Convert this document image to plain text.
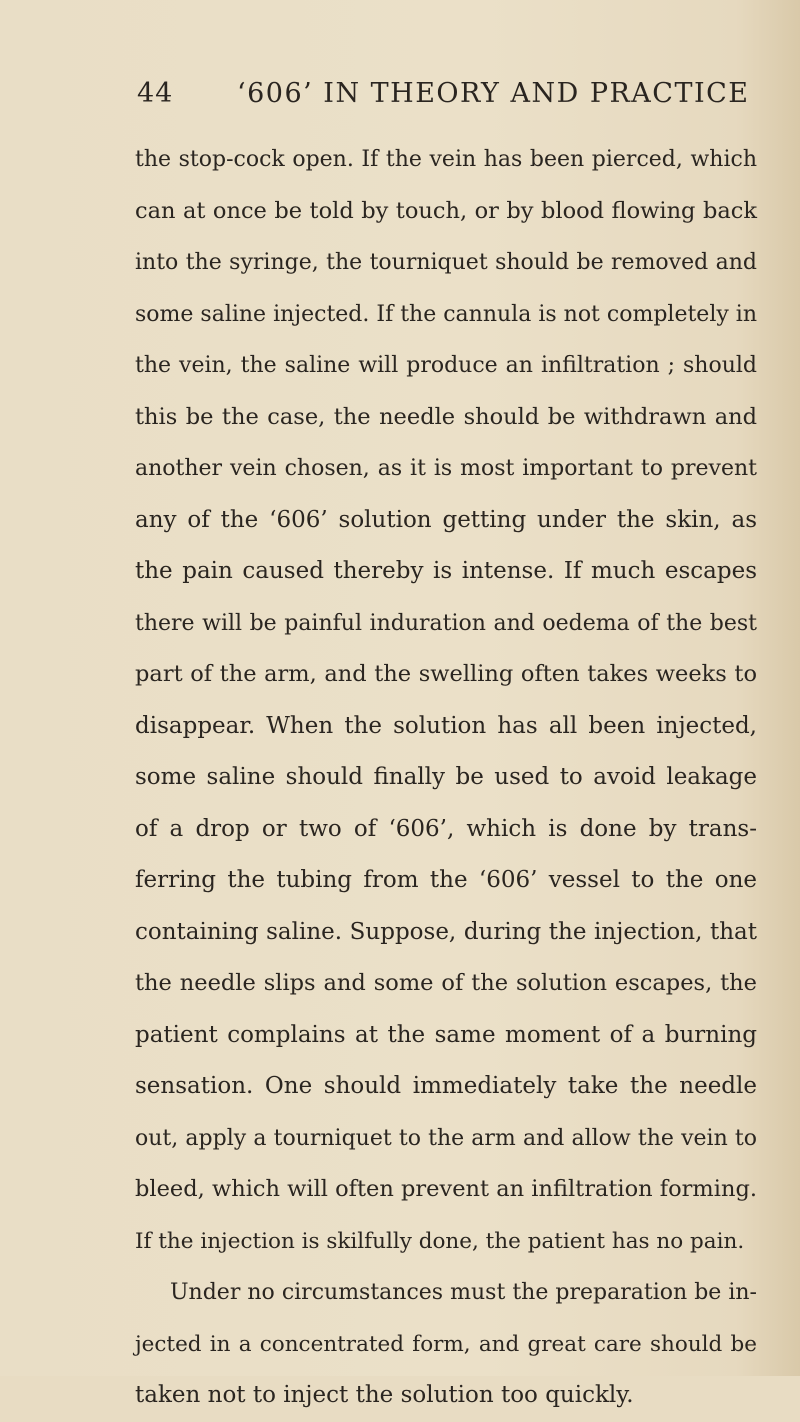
44 ‘606’ IN THEORY AND PRACTICE
the stop-cock open. If the vein has been pierced, which
can at once be told by touch, or by blood flowing back
into the syringe, the tourniquet should be removed and
some saline injected. If the cannula is not completely in
the vein, the saline will produce an infiltration ; should
this be the case, the needle should be withdrawn and
another vein chosen, as it is most important to prevent
any of the ‘606’ solution getting under the skin, as
the pain caused thereby is intense. If much escapes
there will be painful induration and oedema of the best
part of the arm, and the swelling often takes weeks to
disappear. When the solution has all been injected,
some saline should finally be used to avoid leakage
of a drop or two of ‘606’, which is done by trans-
ferring the tubing from the ‘606’ vessel to the one
containing saline. Suppose, during the injection, that
the needle slips and some of the solution escapes, the
patient complains at the same moment of a burning
sensation. One should immediately take the needle
out, apply a tourniquet to the arm and allow the vein to
bleed, which will often prevent an infiltration forming.
If the injection is skilfully done, the patient has no pain.
Under no circumstances must the preparation be in-
jected in a concentrated form, and great care should be
taken not to inject the solution too quickly.
